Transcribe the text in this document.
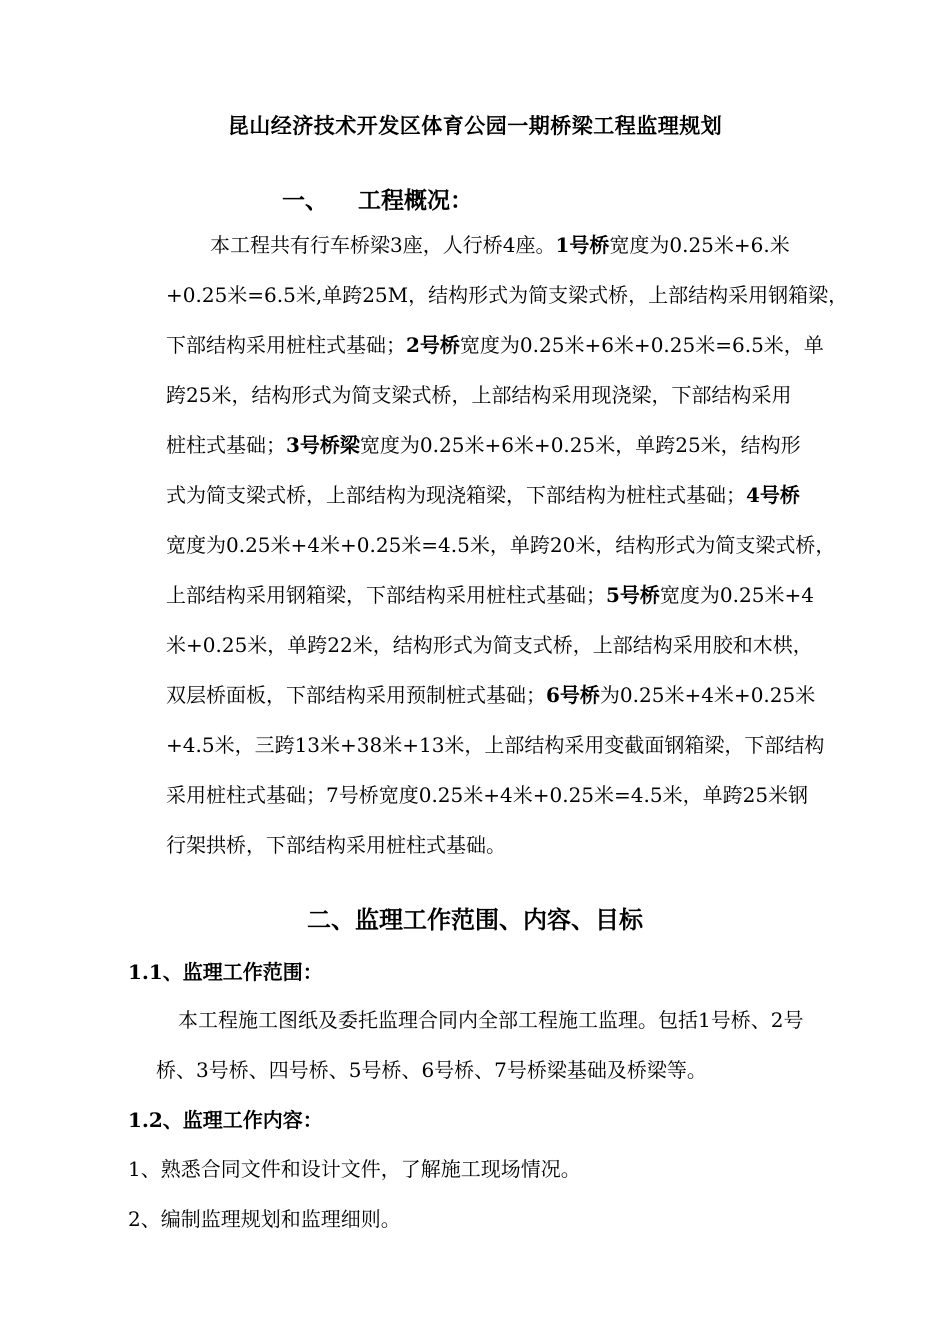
昆山经济技术开发区体育公园一期桥梁工程监理规划
一、 工程概况：
本工程共有行车桥梁3座，人行桥4座。1号桥宽度为0.25米+6.米
+0.25米=6.5米,单跨25M，结构形式为简支梁式桥，上部结构采用钢箱梁，
下部结构采用桩柱式基础；2号桥宽度为0.25米+6米+0.25米=6.5米，单
跨25米，结构形式为简支梁式桥，上部结构采用现浇梁，下部结构采用
桩柱式基础；3号桥梁宽度为0.25米+6米+0.25米，单跨25米，结构形
式为简支梁式桥，上部结构为现浇箱梁，下部结构为桩柱式基础；4号桥
宽度为0.25米+4米+0.25米=4.5米，单跨20米，结构形式为简支梁式桥，
上部结构采用钢箱梁，下部结构采用桩柱式基础；5号桥宽度为0.25米+4
米+0.25米，单跨22米，结构形式为简支式桥，上部结构采用胶和木栱，
双层桥面板，下部结构采用预制桩式基础；6号桥为0.25米+4米+0.25米
+4.5米，三跨13米+38米+13米，上部结构采用变截面钢箱梁，下部结构
采用桩柱式基础；7号桥宽度0.25米+4米+0.25米=4.5米，单跨25米钢
行架拱桥，下部结构采用桩柱式基础。
二、监理工作范围、内容、目标
1.1、监理工作范围：
本工程施工图纸及委托监理合同内全部工程施工监理。包括1号桥、2号
桥、3号桥、四号桥、5号桥、6号桥、7号桥梁基础及桥梁等。
1.2、监理工作内容：
1、熟悉合同文件和设计文件，了解施工现场情况。
2、编制监理规划和监理细则。
